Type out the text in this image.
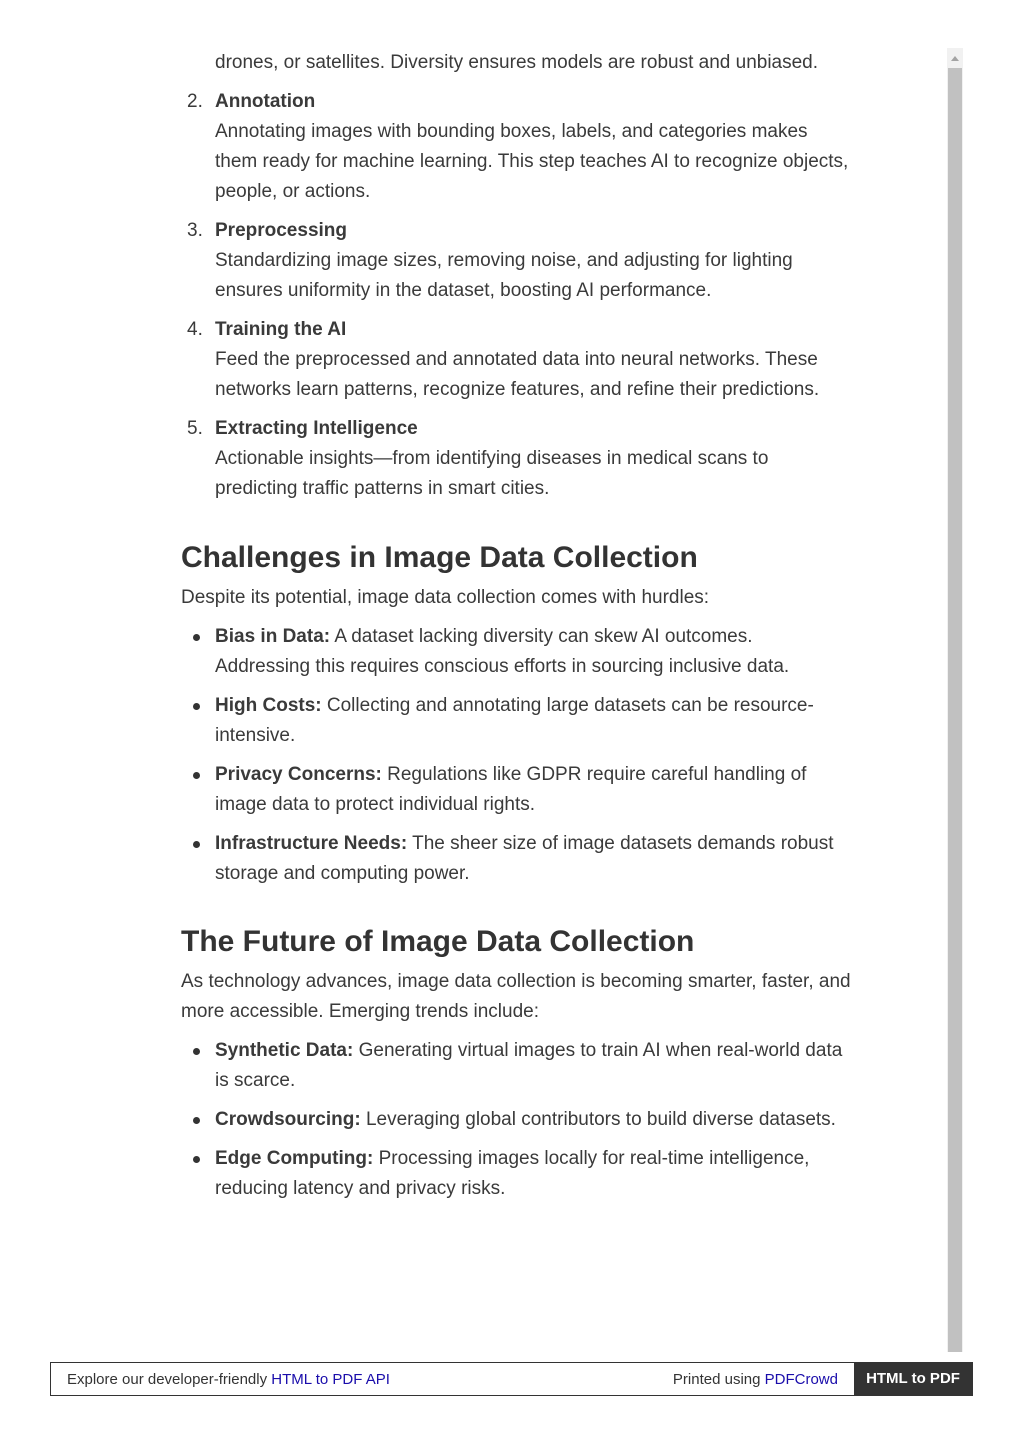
drones, or satellites. Diversity ensures models are robust and unbiased.

2. Annotation
Annotating images with bounding boxes, labels, and categories makes them ready for machine learning. This step teaches AI to recognize objects, people, or actions.
3. Preprocessing
Standardizing image sizes, removing noise, and adjusting for lighting ensures uniformity in the dataset, boosting AI performance.
4. Training the AI
Feed the preprocessed and annotated data into neural networks. These networks learn patterns, recognize features, and refine their predictions.
5. Extracting Intelligence
Actionable insights—from identifying diseases in medical scans to predicting traffic patterns in smart cities.
Challenges in Image Data Collection

Despite its potential, image data collection comes with hurdles:

Bias in Data: A dataset lacking diversity can skew AI outcomes. Addressing this requires conscious efforts in sourcing inclusive data.
High Costs: Collecting and annotating large datasets can be resource-intensive.
Privacy Concerns: Regulations like GDPR require careful handling of image data to protect individual rights.
Infrastructure Needs: The sheer size of image datasets demands robust storage and computing power.
The Future of Image Data Collection

As technology advances, image data collection is becoming smarter, faster, and more accessible. Emerging trends include:

Synthetic Data: Generating virtual images to train AI when real-world data is scarce.
Crowdsourcing: Leveraging global contributors to build diverse datasets.
Edge Computing: Processing images locally for real-time intelligence, reducing latency and privacy risks.
Explore our developer-friendly HTML to PDF API	Printed using PDFCrowd	HTML to PDF
